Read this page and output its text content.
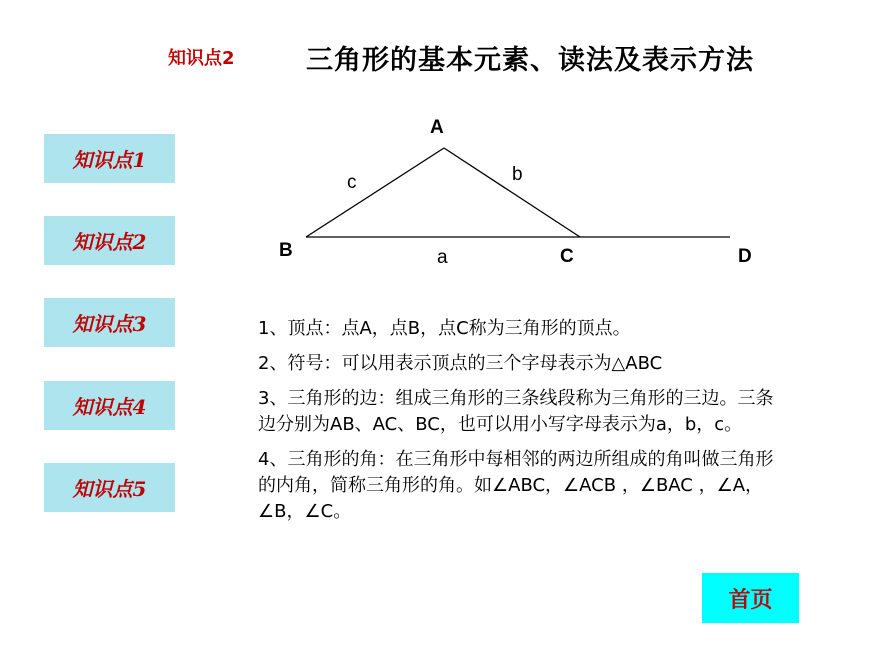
知识点2	三角形的基本元素、读法及表示方法
知识点1
知识点2
知识点3
知识点4
知识点5
A
B	C	D
c	b
a

1、顶点：点A，点B，点C称为三角形的顶点。

2、符号：可以用表示顶点的三个字母表示为△ABC

3、三角形的边：组成三角形的三条线段称为三角形的三边。三条边分别为AB、AC、BC，也可以用小写字母表示为a，b，c。

4、三角形的角：在三角形中每相邻的两边所组成的角叫做三角形的内角，简称三角形的角。如∠ABC，∠ACB ，∠BAC ，∠A，∠B，∠C。

首页
